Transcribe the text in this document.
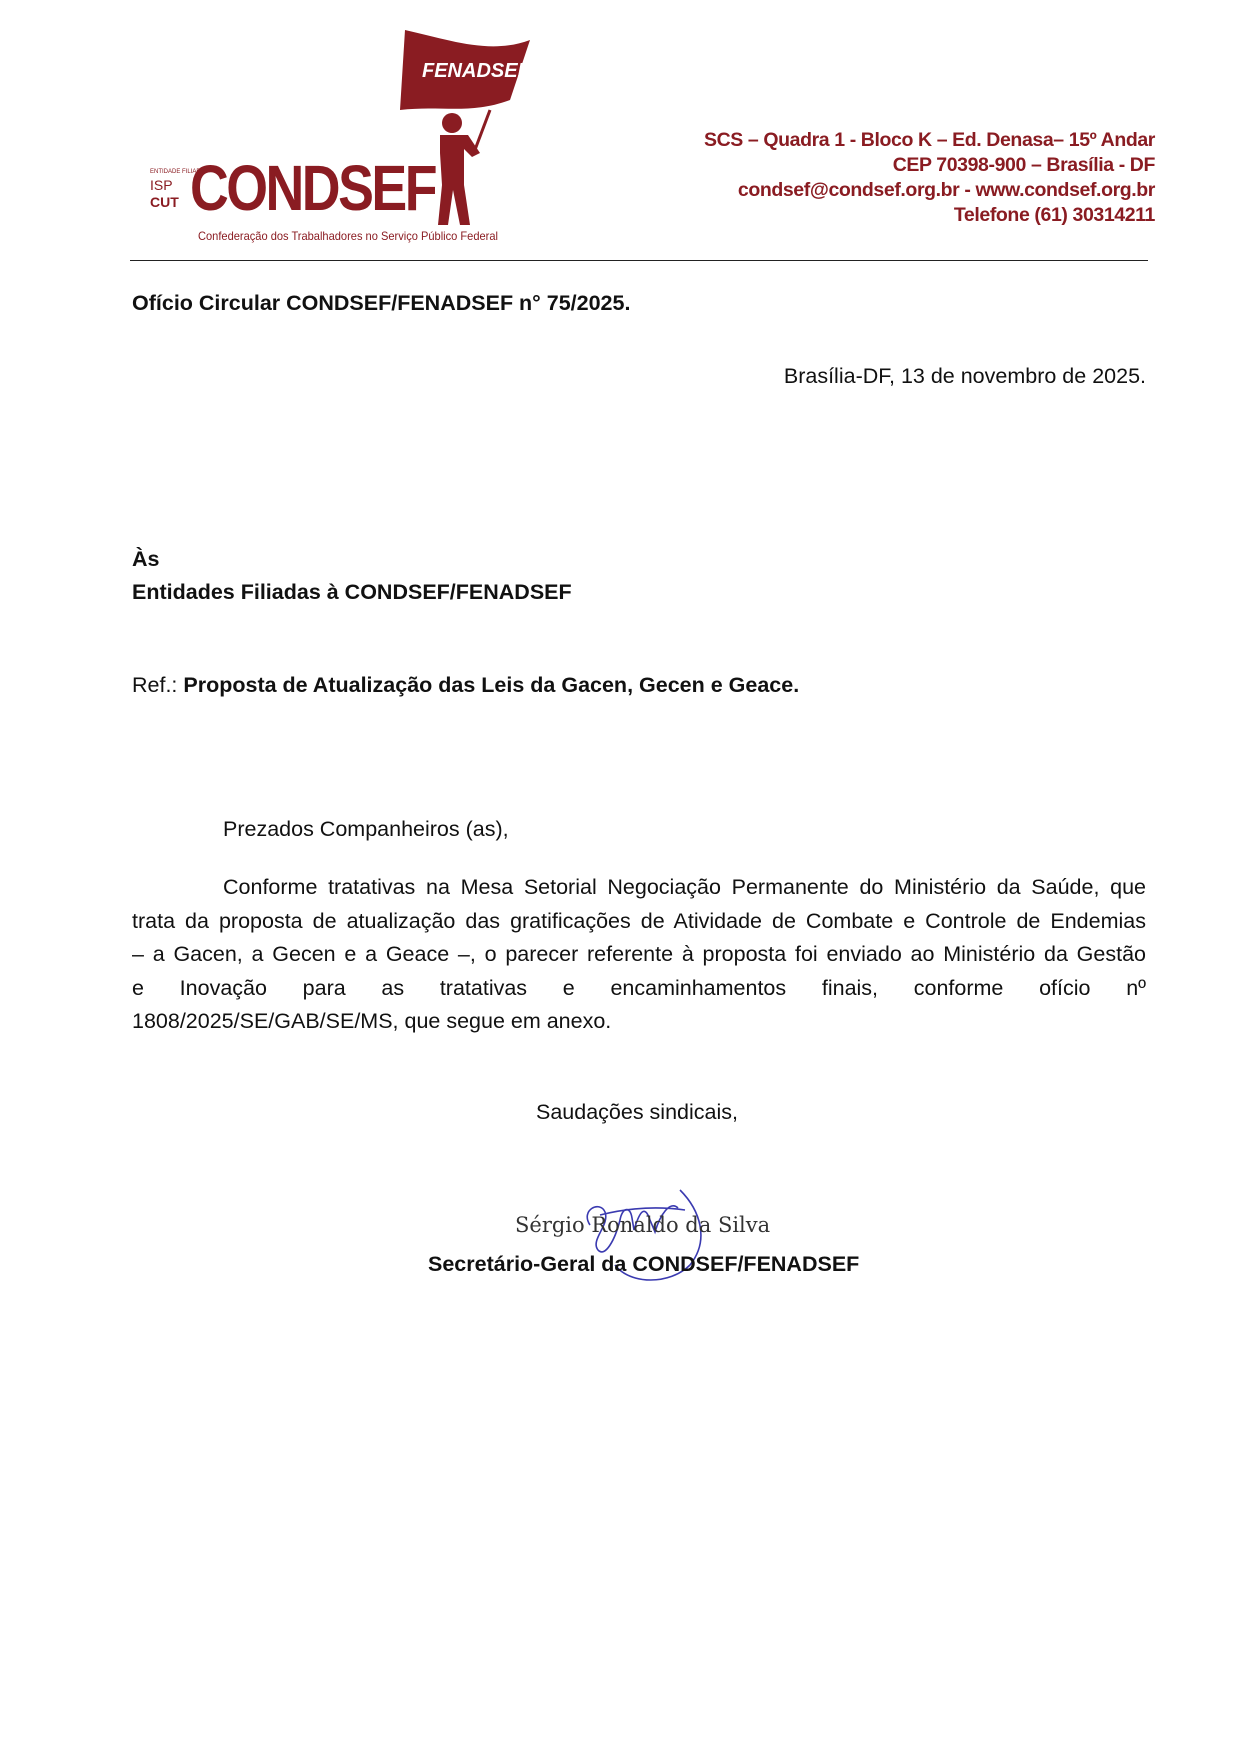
FENADSEF
ENTIDADE FILIADA
ISP
CUT CONDSEF
Confederação dos Trabalhadores no Serviço Público Federal
SCS – Quadra 1 - Bloco K – Ed. Denasa– 15º Andar
CEP 70398-900 – Brasília - DF
condsef@condsef.org.br - www.condsef.org.br
Telefone (61) 30314211
Ofício Circular CONDSEF/FENADSEF n° 75/2025.
Brasília-DF, 13 de novembro de 2025.
Às
Entidades Filiadas à CONDSEF/FENADSEF
Ref.: Proposta de Atualização das Leis da Gacen, Gecen e Geace.
Prezados Companheiros (as),
Conforme tratativas na Mesa Setorial Negociação Permanente do Ministério da Saúde, que
trata da proposta de atualização das gratificações de Atividade de Combate e Controle de Endemias
– a Gacen, a Gecen e a Geace –, o parecer referente à proposta foi enviado ao Ministério da Gestão
e Inovação para as tratativas e encaminhamentos finais, conforme ofício nº
1808/2025/SE/GAB/SE/MS, que segue em anexo.
Saudações sindicais,
Sérgio Ronaldo da Silva
Secretário-Geral da CONDSEF/FENADSEF
